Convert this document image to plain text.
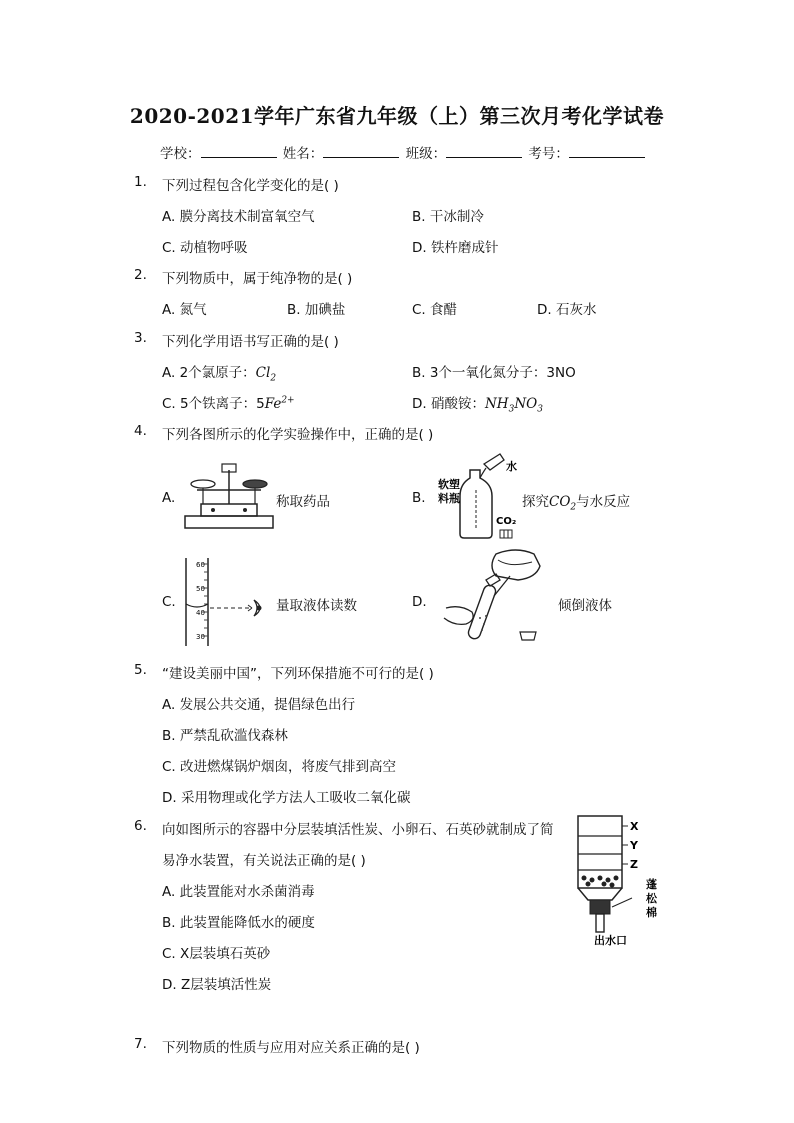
2020-2021学年广东省九年级（上）第三次月考化学试卷
学校：	姓名：	班级：	考号：
1. 下列过程包含化学变化的是( )
A. 膜分离技术制富氧空气	B. 干冰制冷
C. 动植物呼吸	D. 铁杵磨成针
2. 下列物质中，属于纯净物的是( )
A. 氮气	B. 加碘盐	C. 食醋	D. 石灰水
3. 下列化学用语书写正确的是( )
A. 2个氯原子：$Cl_2$	B. 3个一氧化氮分子：3NO
C. 5个铁离子：$5Fe^{2+}$	D. 硝酸铵：$NH_3NO_3$
4. 下列各图所示的化学实验操作中，正确的是( )
A.	称取药品	B.
软塑
料瓶
水
CO₂
探究$CO_2$与水反应
C.
60
50
40
30
量取液体读数	D.	倾倒液体
5. “建设美丽中国”，下列环保措施不可行的是( )
A. 发展公共交通，提倡绿色出行
B. 严禁乱砍滥伐森林
C. 改进燃煤锅炉烟囱，将废气排到高空
D. 采用物理或化学方法人工吸收二氧化碳
6. 向如图所示的容器中分层装填活性炭、小卵石、石英砂就制成了简
易净水装置，有关说法正确的是( )
A. 此装置能对水杀菌消毒
B. 此装置能降低水的硬度
C. X层装填石英砂
D. Z层装填活性炭
X
Y
Z
蓬
松
棉
出水口
7. 下列物质的性质与应用对应关系正确的是( )
